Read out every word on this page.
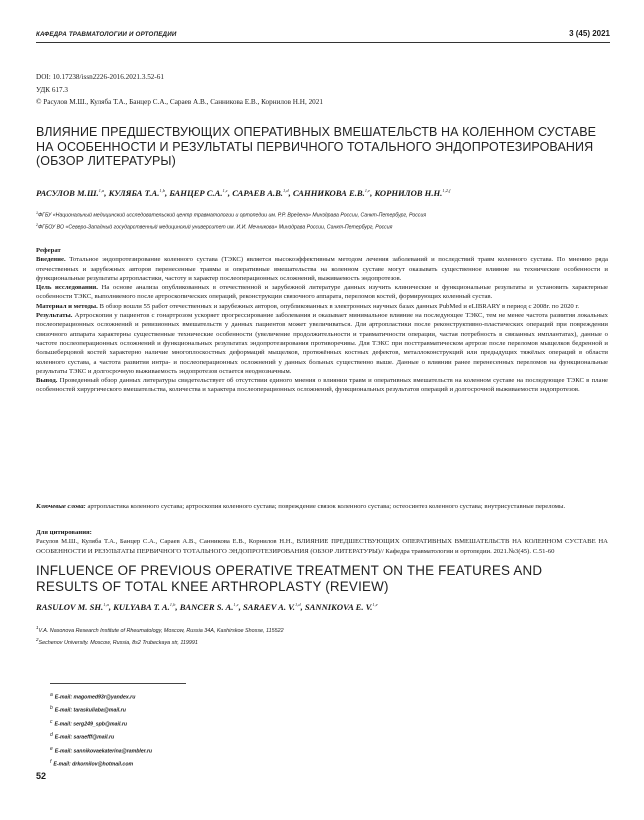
КАФЕДРА ТРАВМАТОЛОГИИ И ОРТОПЕДИИ	3 (45) 2021
DOI: 10.17238/issn2226-2016.2021.3.52-61
УДК 617.3
© Расулов М.Ш., Куляба Т.А., Банцер С.А., Сараев А.В., Санникова Е.В., Корнилов Н.Н, 2021
ВЛИЯНИЕ ПРЕДШЕСТВУЮЩИХ ОПЕРАТИВНЫХ ВМЕШАТЕЛЬСТВ НА КОЛЕННОМ СУСТАВЕ НА ОСОБЕННОСТИ И РЕЗУЛЬТАТЫ ПЕРВИЧНОГО ТОТАЛЬНОГО ЭНДОПРОТЕЗИРОВАНИЯ (ОБЗОР ЛИТЕРАТУРЫ)
РАСУЛОВ М.Ш.$^{1,a}$, КУЛЯБА Т.А.$^{1,b}$, БАНЦЕР С.А.$^{1,c}$, САРАЕВ А.В.$^{1,d}$, САННИКОВА Е.В.$^{1,e}$, КОРНИЛОВ Н.Н.$^{1,2,f}$
$^1$ФГБУ «Национальный медицинский исследовательский центр травматологии и ортопедии им. Р.Р. Вредена» Минздрава России, Санкт-Петербург, Россия
$^2$ФГБОУ ВО «Северо-Западный государственный медицинский университет им. И.И. Мечникова» Минздрава России, Санкт-Петербург, Россия

Реферат

Введение. Тотальное эндопротезирование коленного сустава (ТЭКС) является высокоэффективным методом лечения заболеваний и последствий травм коленного сустава. По мнению ряда отечественных и зарубежных авторов перенесенные травмы и оперативные вмешательства на коленном суставе могут оказывать существенное влияние на технические особенности и функциональные результаты артропластики, частоту и характер послеоперационных осложнений, выживаемость эндопротезов.

Цель исследования. На основе анализа опубликованных в отечественной и зарубежной литературе данных изучить клинические и функциональные результаты и установить характерные особенности ТЭКС, выполняемого после артроскопических операций, реконструкции связочного аппарата, переломов костей, формирующих коленный сустав.

Материал и методы. В обзор вошли 55 работ отечественных и зарубежных авторов, опубликованных в электронных научных базах данных PubMed и eLIBRARY в период с 2008г. по 2020 г.

Результаты. Артроскопия у пациентов с гонартрозом ускоряет прогрессирование заболевания и оказывает минимальное влияние на последующее ТЭКС, тем не менее частота развития локальных послеоперационных осложнений и ревизионных вмешательств у данных пациентов может увеличиваться. Для артропластики после реконструктивно-пластических операций при повреждении связочного аппарата характерны существенные технические особенности (увеличение продолжительности и травматичности операции, частая потребность в связанных имплантатах), данные о частоте послеоперационных осложнений и функциональных результатах эндопротезирования противоречивы. Для ТЭКС при посттравматическом артрозе после переломов мыщелков бедренной и большеберцовой костей характерно наличие многоплоскостных деформаций мыщелков, протяжённых костных дефектов, металлоконструкций или предыдущих тяжёлых операций в области коленного сустава, а частота развития интра- и послеоперационных осложнений у данных больных существенно выше. Данные о влиянии ранее перенесенных переломов на функциональные результаты ТЭКС и долгосрочную выживаемость эндопротезов остается неоднозначным.

Вывод. Проведенный обзор данных литературы свидетельствует об отсутствии единого мнения о влиянии травм и оперативных вмешательств на коленном суставе на последующее ТЭКС в плане особенностей хирургического вмешательства, количества и характера послеоперационных осложнений, функциональных результатов операций и долгосрочной выживаемости эндопротезов.

Ключевые слова: артропластика коленного сустава; артроскопия коленного сустава; повреждение связок коленного сустава; остеосинтез коленного сустава; внутрисуставные переломы.
Для цитирования:
Расулов М.Ш., Куляба Т.А., Банцер С.А., Сараев А.В., Санникова Е.В., Корнилов Н.Н., ВЛИЯНИЕ ПРЕДШЕСТВУЮЩИХ ОПЕРАТИВНЫХ ВМЕШАТЕЛЬСТВ НА КОЛЕННОМ СУСТАВЕ НА ОСОБЕННОСТИ И РЕЗУЛЬТАТЫ ПЕРВИЧНОГО ТОТАЛЬНОГО ЭНДОПРОТЕЗИРОВАНИЯ (ОБЗОР ЛИТЕРАТУРЫ)// Кафедра травматологии и ортопедии. 2021.№3(45). С.51-60
INFLUENCE OF PREVIOUS OPERATIVE TREATMENT ON THE FEATURES AND RESULTS OF TOTAL KNEE ARTHROPLASTY (REVIEW)
RASULOV M. SH.$^{1,a}$, KULYABA T. A.$^{1,b}$, BANCER S. A.$^{1,c}$, SARAEV A. V.$^{1,d}$, SANNIKOVA E. V.$^{1,e}$
$^1$V.A. Nasonova Research Institute of Rheumatology, Moscow, Russia 34A, Kashirskoe Shosse, 115522
$^2$Sechenov University. Moscow, Russia, 8s2 Trubeckaya str, 119991
$^a$ E-mail: magomed93r@yandex.ru
$^b$ E-mail: taraskuliaba@mail.ru
$^c$ E-mail: serg249_spb@mail.ru
$^d$ E-mail: saraefff@mail.ru
$^e$ E-mail: sannikovaekaterina@rambler.ru
$^f$ E-mail: drkornilov@hotmail.com
52
